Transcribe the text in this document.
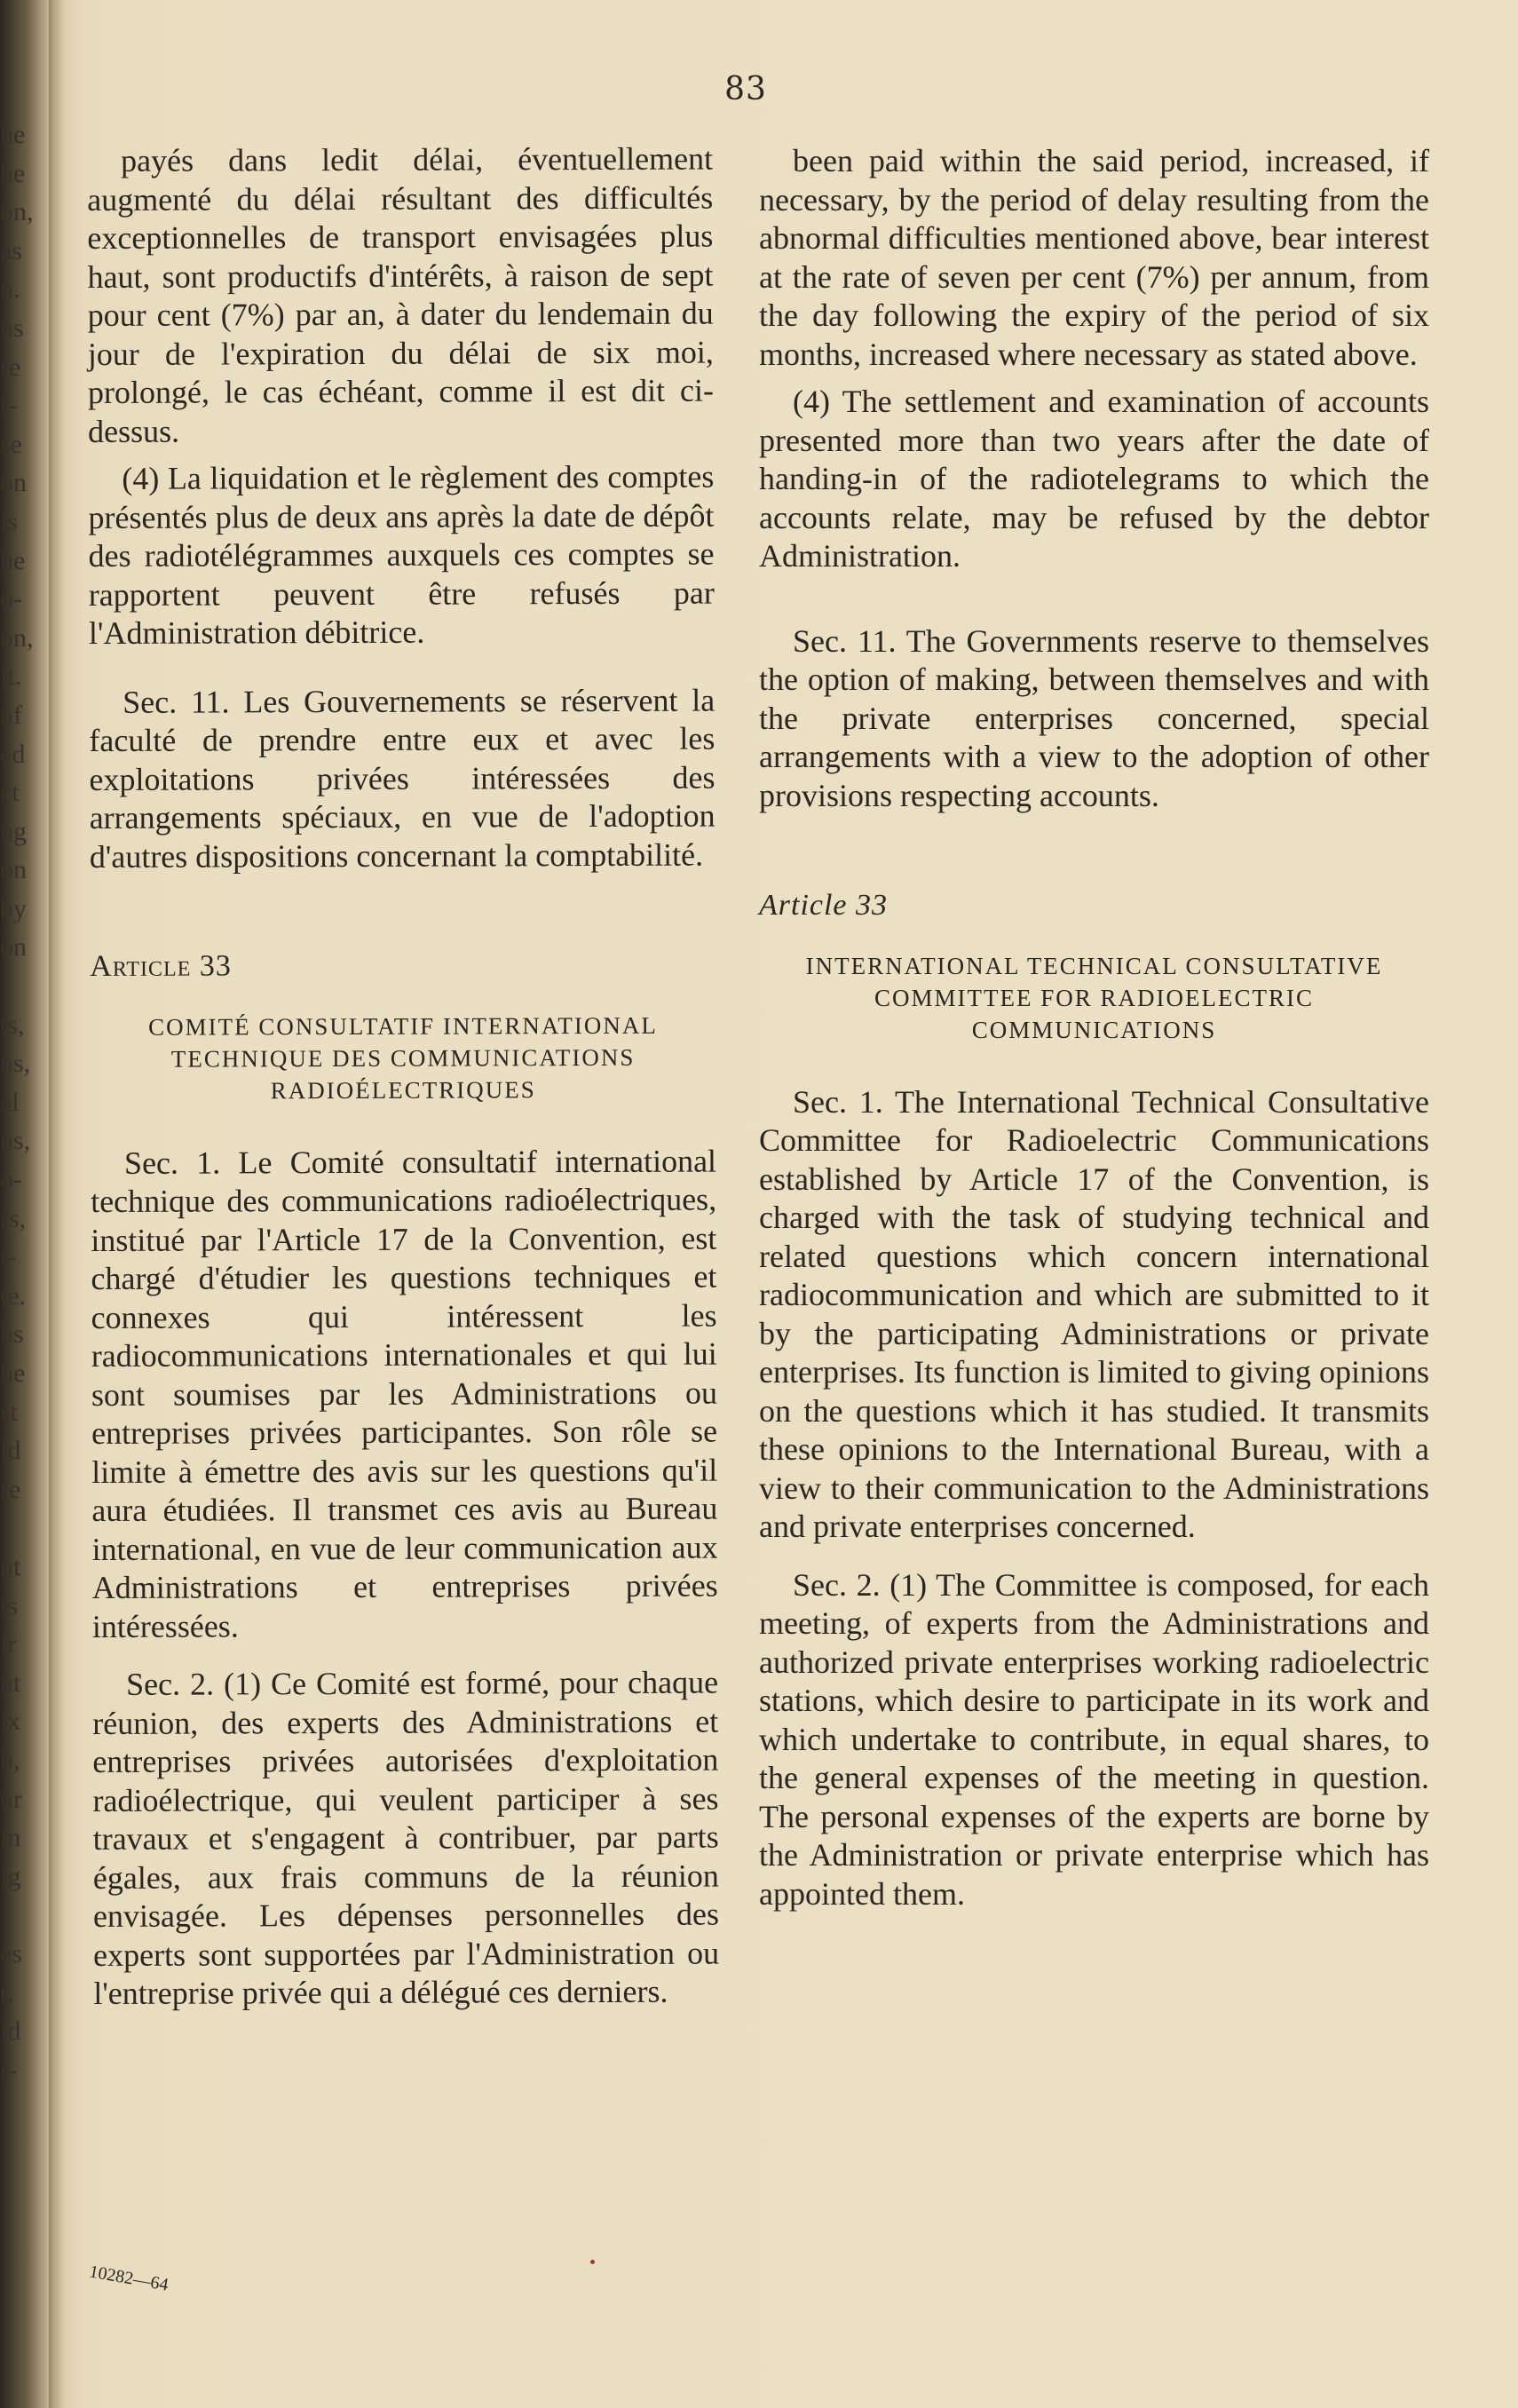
83
he
he
on,
as
n.
ns
re
r-
se
on
is
he
o-
on,
it.
of
ed
ct
ng
on
by
on
ts,
ns,
al
ns,
o-
rs,
t-
te.
hs
he
st
ld
re
nt
ts
ir
nt
ix
h,
ur
in
ig
es
t,
id
r-

payés dans ledit délai, éventuellement augmenté du délai résultant des difficultés exceptionnelles de transport envisagées plus haut, sont productifs d'intérêts, à raison de sept pour cent (7%) par an, à dater du lendemain du jour de l'expiration du délai de six moi, prolongé, le cas échéant, comme il est dit ci-dessus.

(4) La liquidation et le règlement des comptes présentés plus de deux ans après la date de dépôt des radiotélégrammes auxquels ces comptes se rapportent peuvent être refusés par l'Administration débitrice.

Sec. 11. Les Gouvernements se réservent la faculté de prendre entre eux et avec les exploitations privées intéressées des arrangements spéciaux, en vue de l'adoption d'autres dispositions concernant la comptabilité.

Article 33

COMITÉ CONSULTATIF INTERNATIONAL TECHNIQUE DES COMMUNICATIONS RADIOÉLECTRIQUES

Sec. 1. Le Comité consultatif international technique des communications radioélectriques, institué par l'Article 17 de la Convention, est chargé d'étudier les questions techniques et connexes qui intéressent les radiocommunications internationales et qui lui sont soumises par les Administrations ou entreprises privées participantes. Son rôle se limite à émettre des avis sur les questions qu'il aura étudiées. Il transmet ces avis au Bureau international, en vue de leur communication aux Administrations et entreprises privées intéressées.

Sec. 2. (1) Ce Comité est formé, pour chaque réunion, des experts des Administrations et entreprises privées autorisées d'exploitation radioélectrique, qui veulent participer à ses travaux et s'engagent à contribuer, par parts égales, aux frais communs de la réunion envisagée. Les dépenses personnelles des experts sont supportées par l'Administration ou l'entreprise privée qui a délégué ces derniers.

been paid within the said period, increased, if necessary, by the period of delay resulting from the abnormal difficulties mentioned above, bear interest at the rate of seven per cent (7%) per annum, from the day following the expiry of the period of six months, increased where necessary as stated above.

(4) The settlement and examination of accounts presented more than two years after the date of handing-in of the radiotelegrams to which the accounts relate, may be refused by the debtor Administration.

Sec. 11. The Governments reserve to themselves the option of making, between themselves and with the private enterprises concerned, special arrangements with a view to the adoption of other provisions respecting accounts.

Article 33

INTERNATIONAL TECHNICAL CONSULTATIVE COMMITTEE FOR RADIOELECTRIC COMMUNICATIONS

Sec. 1. The International Technical Consultative Committee for Radioelectric Communications established by Article 17 of the Convention, is charged with the task of studying technical and related questions which concern international radiocommunication and which are submitted to it by the participating Administrations or private enterprises. Its function is limited to giving opinions on the questions which it has studied. It transmits these opinions to the International Bureau, with a view to their communication to the Administrations and private enterprises concerned.

Sec. 2. (1) The Committee is composed, for each meeting, of experts from the Administrations and authorized private enterprises working radioelectric stations, which desire to participate in its work and which undertake to contribute, in equal shares, to the general expenses of the meeting in question. The personal expenses of the experts are borne by the Administration or private enterprise which has appointed them.

10282—64
